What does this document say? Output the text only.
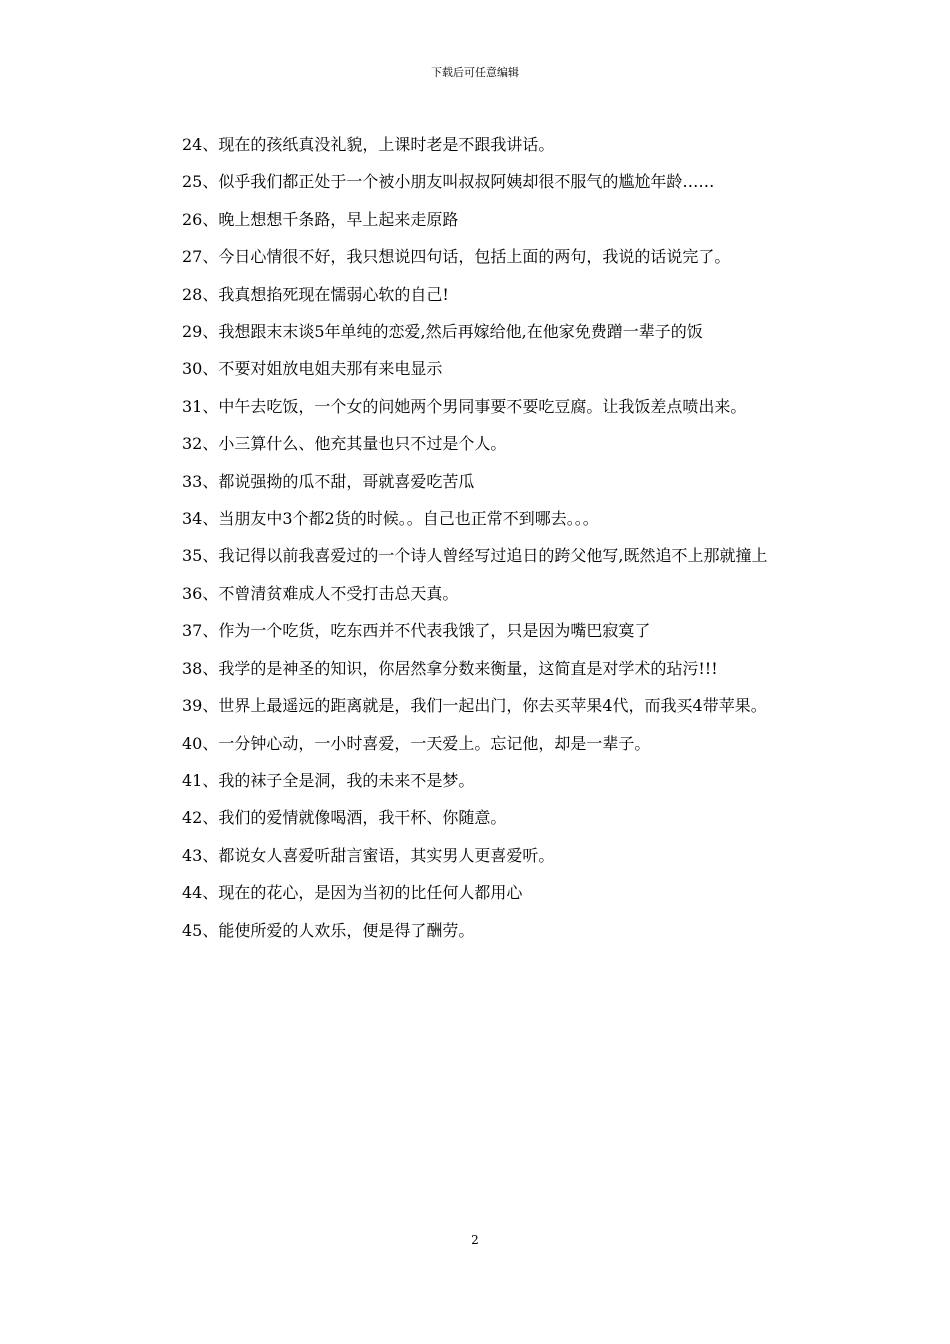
下载后可任意编辑

24、现在的孩纸真没礼貌，上课时老是不跟我讲话。

25、似乎我们都正处于一个被小朋友叫叔叔阿姨却很不服气的尴尬年龄……

26、晚上想想千条路，早上起来走原路

27、今日心情很不好，我只想说四句话，包括上面的两句，我说的话说完了。

28、我真想掐死现在懦弱心软的自己!

29、我想跟末末谈5年单纯的恋爱,然后再嫁给他,在他家免费蹭一辈子的饭

30、不要对姐放电姐夫那有来电显示

31、中午去吃饭，一个女的问她两个男同事要不要吃豆腐。让我饭差点喷出来。

32、小三算什么、他充其量也只不过是个人。

33、都说强拗的瓜不甜，哥就喜爱吃苦瓜

34、当朋友中3个都2货的时候。。自己也正常不到哪去。。。

35、我记得以前我喜爱过的一个诗人曾经写过追日的跨父他写,既然追不上那就撞上

36、不曾清贫难成人不受打击总天真。

37、作为一个吃货，吃东西并不代表我饿了，只是因为嘴巴寂寞了

38、我学的是神圣的知识，你居然拿分数来衡量，这简直是对学术的玷污!!!

39、世界上最遥远的距离就是，我们一起出门，你去买苹果4代，而我买4带苹果。

40、一分钟心动，一小时喜爱，一天爱上。忘记他，却是一辈子。

41、我的袜子全是洞，我的未来不是梦。

42、我们的爱情就像喝酒，我干杯、你随意。

43、都说女人喜爱听甜言蜜语，其实男人更喜爱听。

44、现在的花心，是因为当初的比任何人都用心

45、能使所爱的人欢乐，便是得了酬劳。

2
